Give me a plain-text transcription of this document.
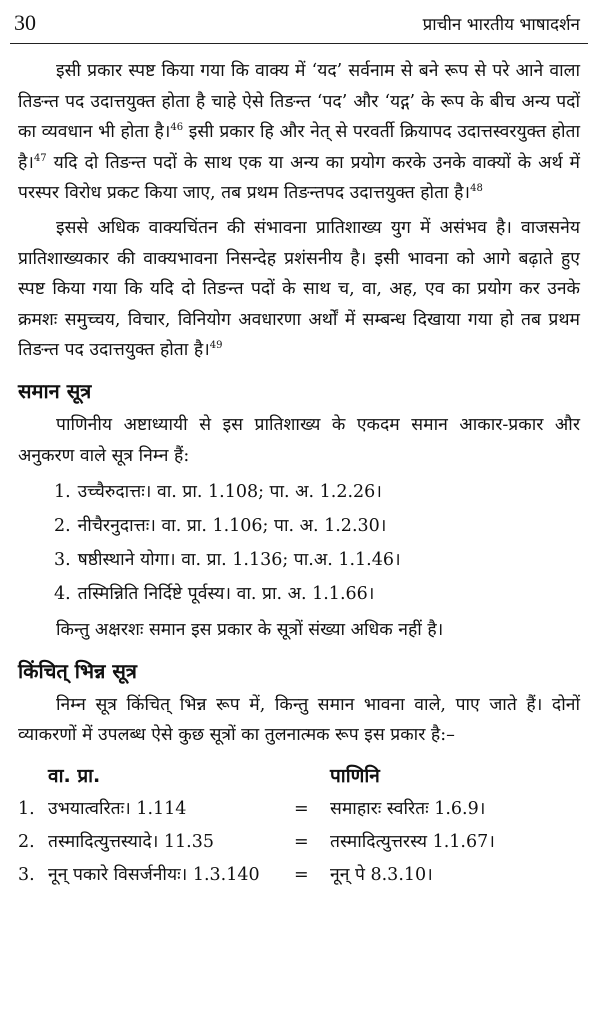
30	प्राचीन भारतीय भाषादर्शन

इसी प्रकार स्पष्ट किया गया कि वाक्य में ‘यद’ सर्वनाम से बने रूप से परे आने वाला तिङन्त पद उदात्तयुक्त होता है चाहे ऐसे तिङन्त ‘पद’ और ‘यद्ग’ के रूप के बीच अन्य पदों का व्यवधान भी होता है।$^{46}$ इसी प्रकार हि और नेत् से परवर्ती क्रियापद उदात्तस्वरयुक्त होता है।$^{47}$ यदि दो तिङन्त पदों के साथ एक या अन्य का प्रयोग करके उनके वाक्यों के अर्थ में परस्पर विरोध प्रकट किया जाए, तब प्रथम तिङन्तपद उदात्तयुक्त होता है।$^{48}$

इससे अधिक वाक्यचिंतन की संभावना प्रातिशाख्य युग में असंभव है। वाजसनेय प्रातिशाख्यकार की वाक्यभावना निसन्देह प्रशंसनीय है। इसी भावना को आगे बढ़ाते हुए स्पष्ट किया गया कि यदि दो तिङन्त पदों के साथ च, वा, अह, एव का प्रयोग कर उनके क्रमशः समुच्चय, विचार, विनियोग अवधारणा अर्थों में सम्बन्ध दिखाया गया हो तब प्रथम तिङन्त पद उदात्तयुक्त होता है।$^{49}$

समान सूत्र

पाणिनीय अष्टाध्यायी से इस प्रातिशाख्य के एकदम समान आकार-प्रकार और अनुकरण वाले सूत्र निम्न हैं:

1. उच्चैरुदात्तः। वा. प्रा. 1.108; पा. अ. 1.2.26।
2. नीचैरनुदात्तः। वा. प्रा. 1.106; पा. अ. 1.2.30।
3. षष्ठीस्थाने योगा। वा. प्रा. 1.136; पा.अ. 1.1.46।
4. तस्मिन्निति निर्दिष्टे पूर्वस्य। वा. प्रा. अ. 1.1.66।

किन्तु अक्षरशः समान इस प्रकार के सूत्रों संख्या अधिक नहीं है।

किंचित् भिन्न सूत्र

निम्न सूत्र किंचित् भिन्न रूप में, किन्तु समान भावना वाले, पाए जाते हैं। दोनों व्याकरणों में उपलब्ध ऐसे कुछ सूत्रों का तुलनात्मक रूप इस प्रकार है:–

	वा. प्रा.		पाणिनि
1.	उभयात्वरितः। 1.114	=	समाहारः स्वरितः 1.6.9।
2.	तस्मादित्युत्तस्यादे। 11.35	=	तस्मादित्युत्तरस्य 1.1.67।
3.	नून् पकारे विसर्जनीयः। 1.3.140	=	नून् पे 8.3.10।
